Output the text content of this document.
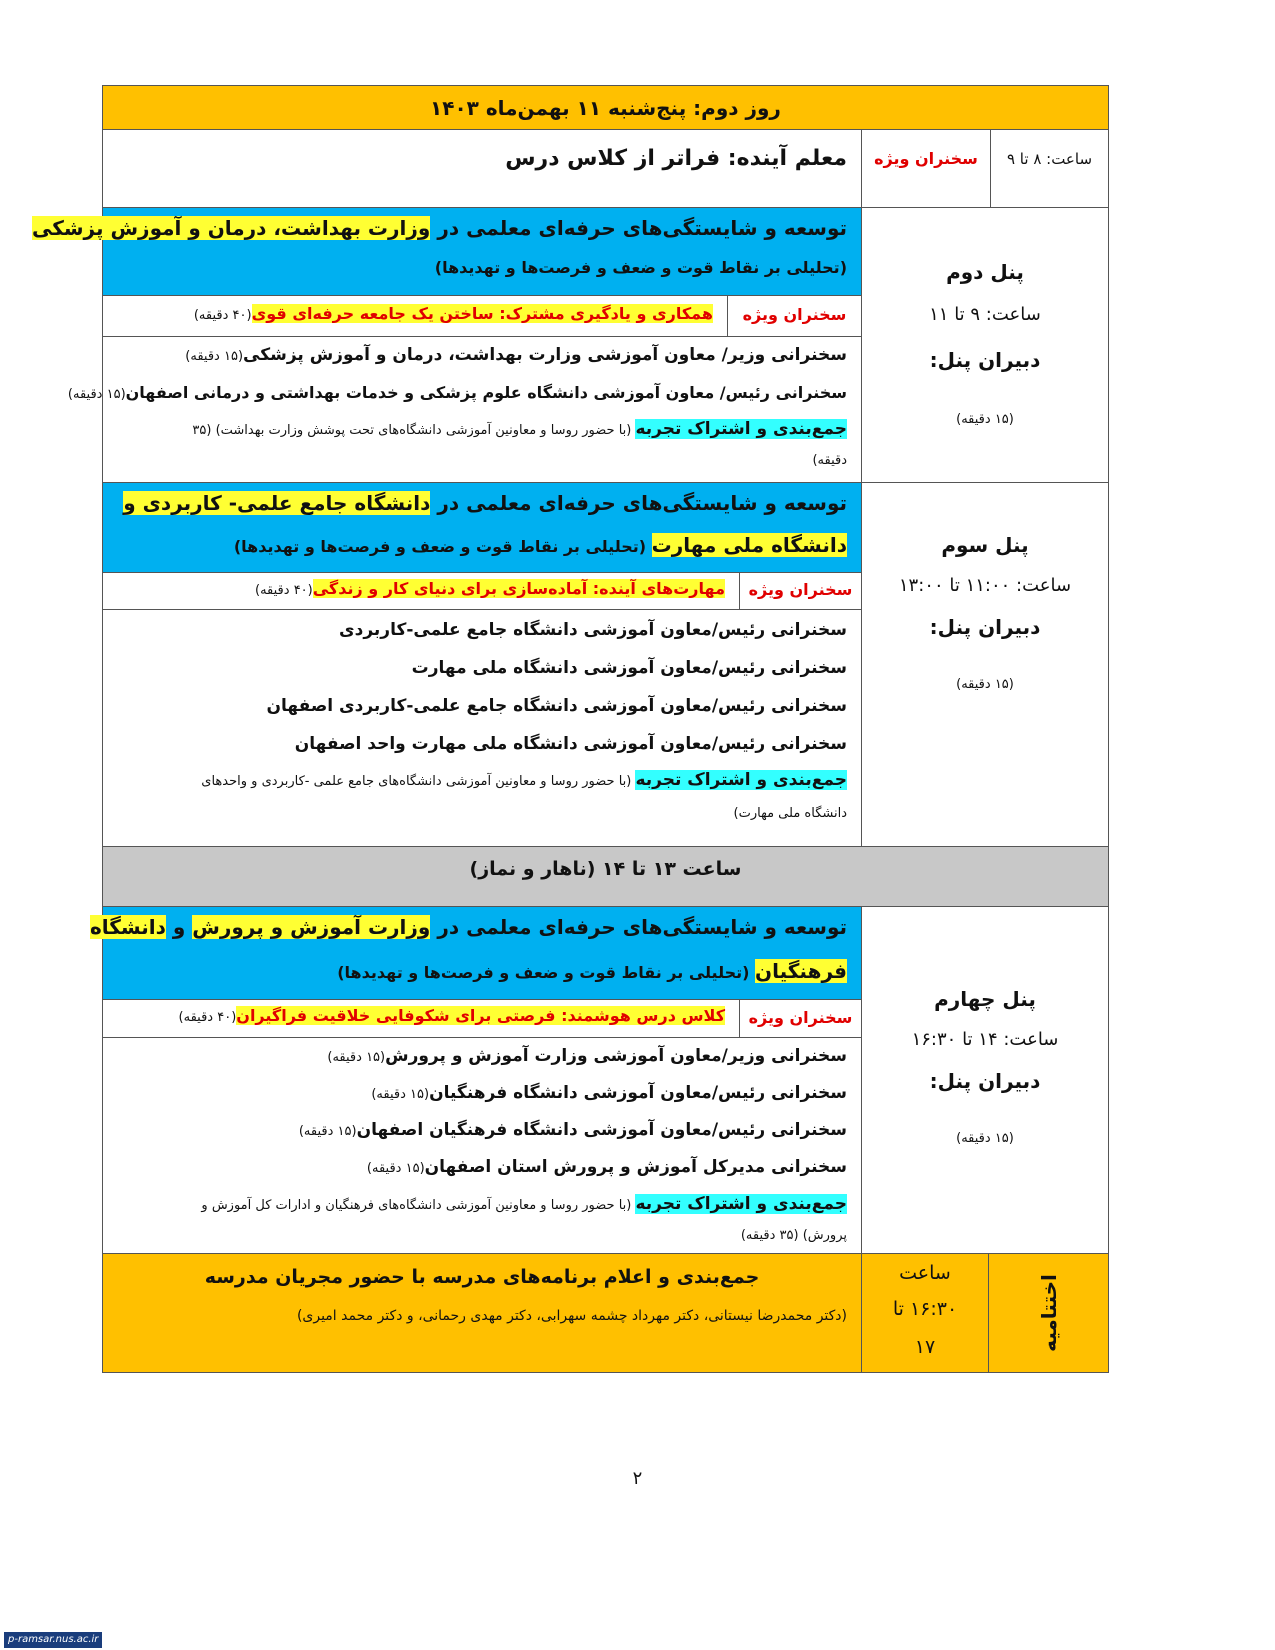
روز دوم: پنج‌شنبه ۱۱ بهمن‌ماه ۱۴۰۳
ساعت: ۸ تا ۹
سخنران ویژه
معلم آینده: فراتر از کلاس درس
پنل دوم
ساعت: ۹ تا ۱۱
دبیران پنل:
(۱۵ دقیقه)
توسعه و شایستگی‌های حرفه‌ای معلمی در وزارت بهداشت، درمان و آموزش پزشکی
(تحلیلی بر نقاط قوت و ضعف و فرصت‌ها و تهدیدها)
سخنران ویژه
همکاری و یادگیری مشترک: ساختن یک جامعه حرفه‌ای قوی(۴۰ دقیقه)
سخنرانی وزیر/ معاون آموزشی وزارت بهداشت، درمان و آموزش پزشکی(۱۵ دقیقه)
سخنرانی رئیس/ معاون آموزشی دانشگاه علوم پزشکی و خدمات بهداشتی و درمانی اصفهان(۱۵ دقیقه)
جمع‌بندی و اشتراک تجربه (با حضور روسا و معاونین آموزشی دانشگاه‌های تحت پوشش وزارت بهداشت) (۳۵
دقیقه)
پنل سوم
ساعت: ۱۱:۰۰ تا ۱۳:۰۰
دبیران پنل:
(۱۵ دقیقه)
توسعه و شایستگی‌های حرفه‌ای معلمی در دانشگاه جامع علمی- کاربردی و
دانشگاه ملی مهارت (تحلیلی بر نقاط قوت و ضعف و فرصت‌ها و تهدیدها)
سخنران ویژه
مهارت‌های آینده: آماده‌سازی برای دنیای کار و زندگی(۴۰ دقیقه)
سخنرانی رئیس/معاون آموزشی دانشگاه جامع علمی-کاربردی
سخنرانی رئیس/معاون آموزشی دانشگاه ملی مهارت
سخنرانی رئیس/معاون آموزشی دانشگاه جامع علمی-کاربردی اصفهان
سخنرانی رئیس/معاون آموزشی دانشگاه ملی مهارت واحد اصفهان
جمع‌بندی و اشتراک تجربه (با حضور روسا و معاونین آموزشی دانشگاه‌های جامع علمی -کاربردی و واحدهای
دانشگاه ملی مهارت)
ساعت ۱۳ تا ۱۴ (ناهار و نماز)
پنل چهارم
ساعت: ۱۴ تا ۱۶:۳۰
دبیران پنل:
(۱۵ دقیقه)
توسعه و شایستگی‌های حرفه‌ای معلمی در وزارت آموزش و پرورش و دانشگاه
فرهنگیان (تحلیلی بر نقاط قوت و ضعف و فرصت‌ها و تهدیدها)
سخنران ویژه
کلاس درس هوشمند: فرصتی برای شکوفایی خلاقیت فراگیران(۴۰ دقیقه)
سخنرانی وزیر/معاون آموزشی وزارت آموزش و پرورش(۱۵ دقیقه)
سخنرانی رئیس/معاون آموزشی دانشگاه فرهنگیان(۱۵ دقیقه)
سخنرانی رئیس/معاون آموزشی دانشگاه فرهنگیان اصفهان(۱۵ دقیقه)
سخنرانی مدیرکل آموزش و پرورش استان اصفهان(۱۵ دقیقه)
جمع‌بندی و اشتراک تجربه (با حضور روسا و معاونین آموزشی دانشگاه‌های فرهنگیان و ادارات کل آموزش و
پرورش) (۳۵ دقیقه)
اختتامیه
ساعت
۱۶:۳۰ تا
۱۷
جمع‌بندی و اعلام برنامه‌های مدرسه با حضور مجریان مدرسه
(دکتر محمدرضا نیستانی، دکتر مهرداد چشمه سهرابی، دکتر مهدی رحمانی، و دکتر محمد امیری)
۲
p-ramsar.nus.ac.ir
